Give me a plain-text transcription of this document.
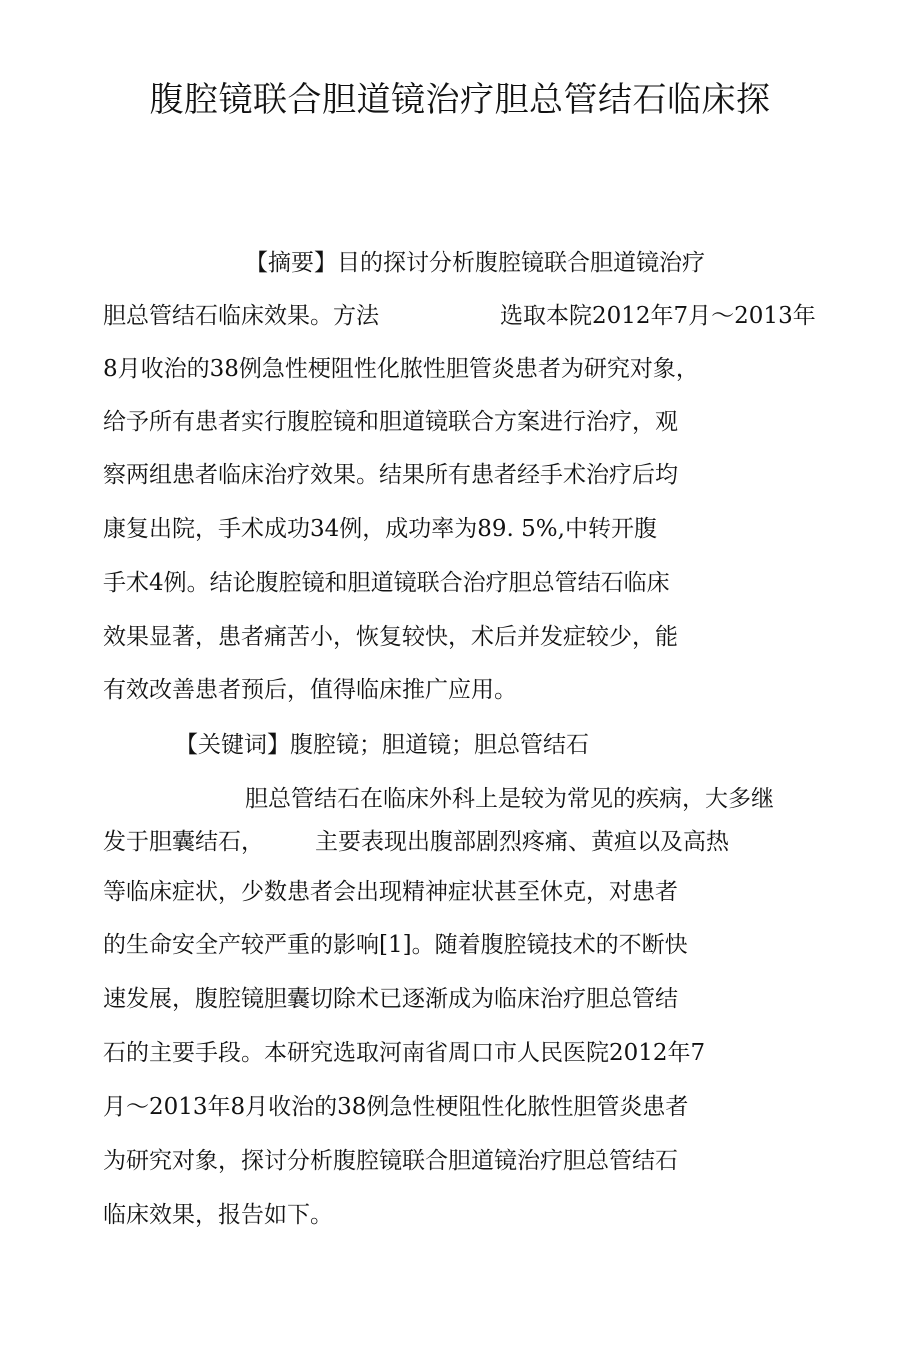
腹腔镜联合胆道镜治疗胆总管结石临床探
【摘要】目的探讨分析腹腔镜联合胆道镜治疗
胆总管结石临床效果。方法	选取本院2012年7月～2013年
8月收治的38例急性梗阻性化脓性胆管炎患者为研究对象，
给予所有患者实行腹腔镜和胆道镜联合方案进行治疗，观
察两组患者临床治疗效果。结果所有患者经手术治疗后均
康复出院，手术成功34例，成功率为89. 5%,中转开腹
手术4例。结论腹腔镜和胆道镜联合治疗胆总管结石临床
效果显著，患者痛苦小，恢复较快，术后并发症较少，能
有效改善患者预后，值得临床推广应用。
【关键词】腹腔镜；胆道镜；胆总管结石
胆总管结石在临床外科上是较为常见的疾病，大多继
发于胆囊结石， 主要表现出腹部剧烈疼痛、黄疸以及高热
等临床症状，少数患者会出现精神症状甚至休克，对患者
的生命安全产较严重的影响[1]。随着腹腔镜技术的不断快
速发展，腹腔镜胆囊切除术已逐渐成为临床治疗胆总管结
石的主要手段。本研究选取河南省周口市人民医院2012年7
月～2013年8月收治的38例急性梗阻性化脓性胆管炎患者
为研究对象，探讨分析腹腔镜联合胆道镜治疗胆总管结石
临床效果，报告如下。
